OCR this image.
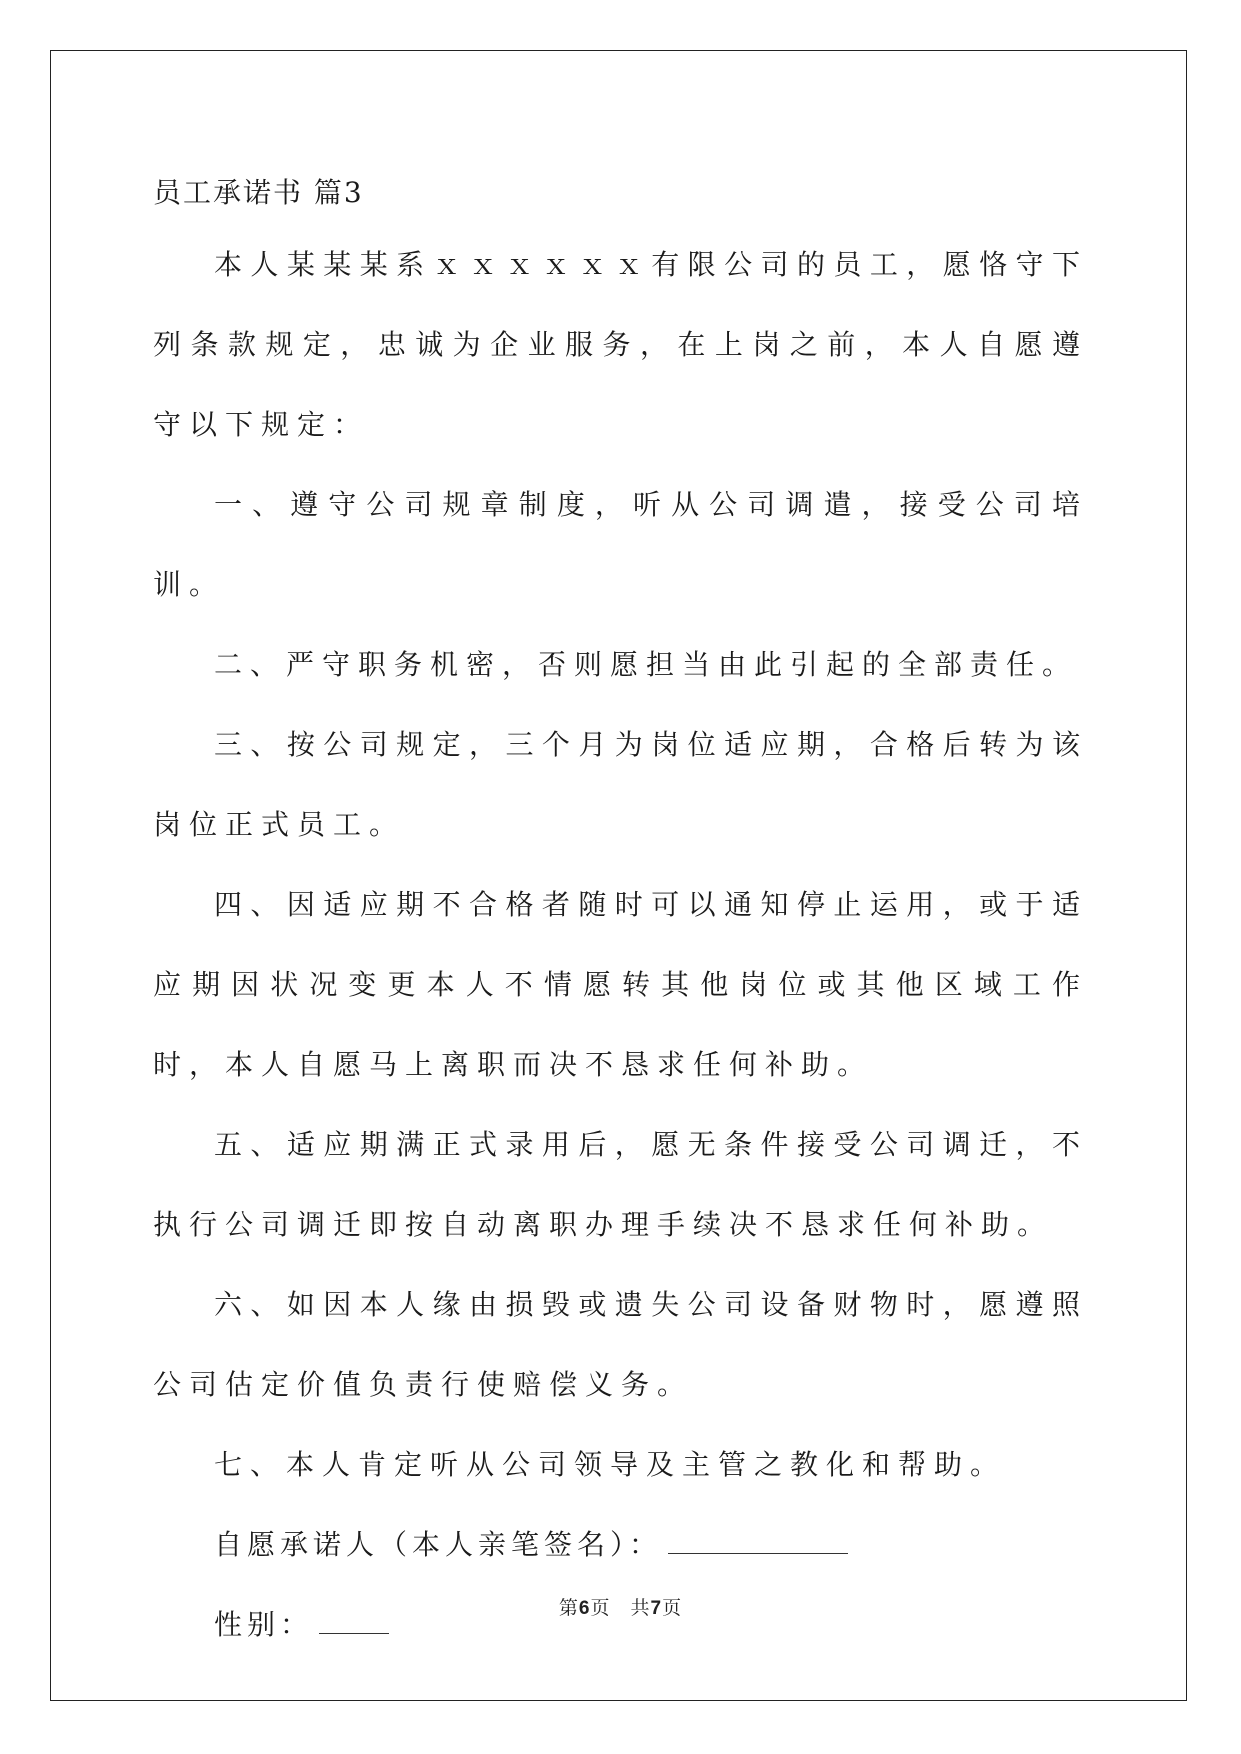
员工承诺书 篇3

本人某某某系ｘｘｘｘｘｘ有限公司的员工，愿恪守下列条款规定，忠诚为企业服务，在上岗之前，本人自愿遵守以下规定：

一、遵守公司规章制度，听从公司调遣，接受公司培训。

二、严守职务机密，否则愿担当由此引起的全部责任。

三、按公司规定，三个月为岗位适应期，合格后转为该岗位正式员工。

四、因适应期不合格者随时可以通知停止运用，或于适应期因状况变更本人不情愿转其他岗位或其他区域工作时，本人自愿马上离职而决不恳求任何补助。

五、适应期满正式录用后，愿无条件接受公司调迁，不执行公司调迁即按自动离职办理手续决不恳求任何补助。

六、如因本人缘由损毁或遗失公司设备财物时，愿遵照公司估定价值负责行使赔偿义务。

七、本人肯定听从公司领导及主管之教化和帮助。

自愿承诺人（本人亲笔签名）：

性别：	第6页　共7页
